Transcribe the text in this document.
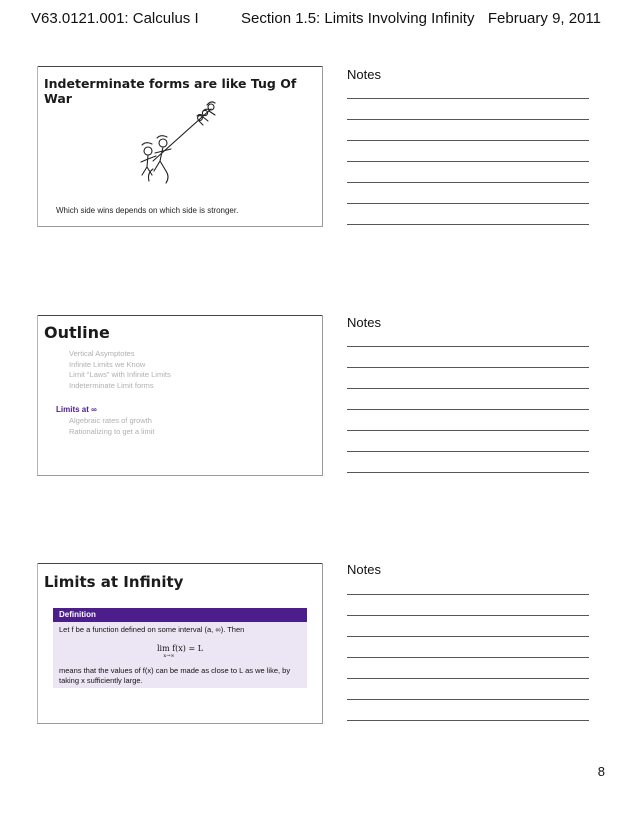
V63.0121.001: Calculus I	Section 1.5: Limits Involving Infinity February 9, 2011
Indeterminate forms are like Tug Of War
Which side wins depends on which side is stronger.
Notes
Outline
Vertical Asymptotes
Infinite Limits we Know
Limit “Laws” with Infinite Limits
Indeterminate Limit forms
Limits at ∞
Algebraic rates of growth
Rationalizing to get a limit
Notes
Limits at Infinity
Definition
Let f be a function defined on some interval (a, ∞). Then
lim f(x) = L
x→∞
means that the values of f(x) can be made as close to L as we like, by taking x sufficiently large.
Notes
8
